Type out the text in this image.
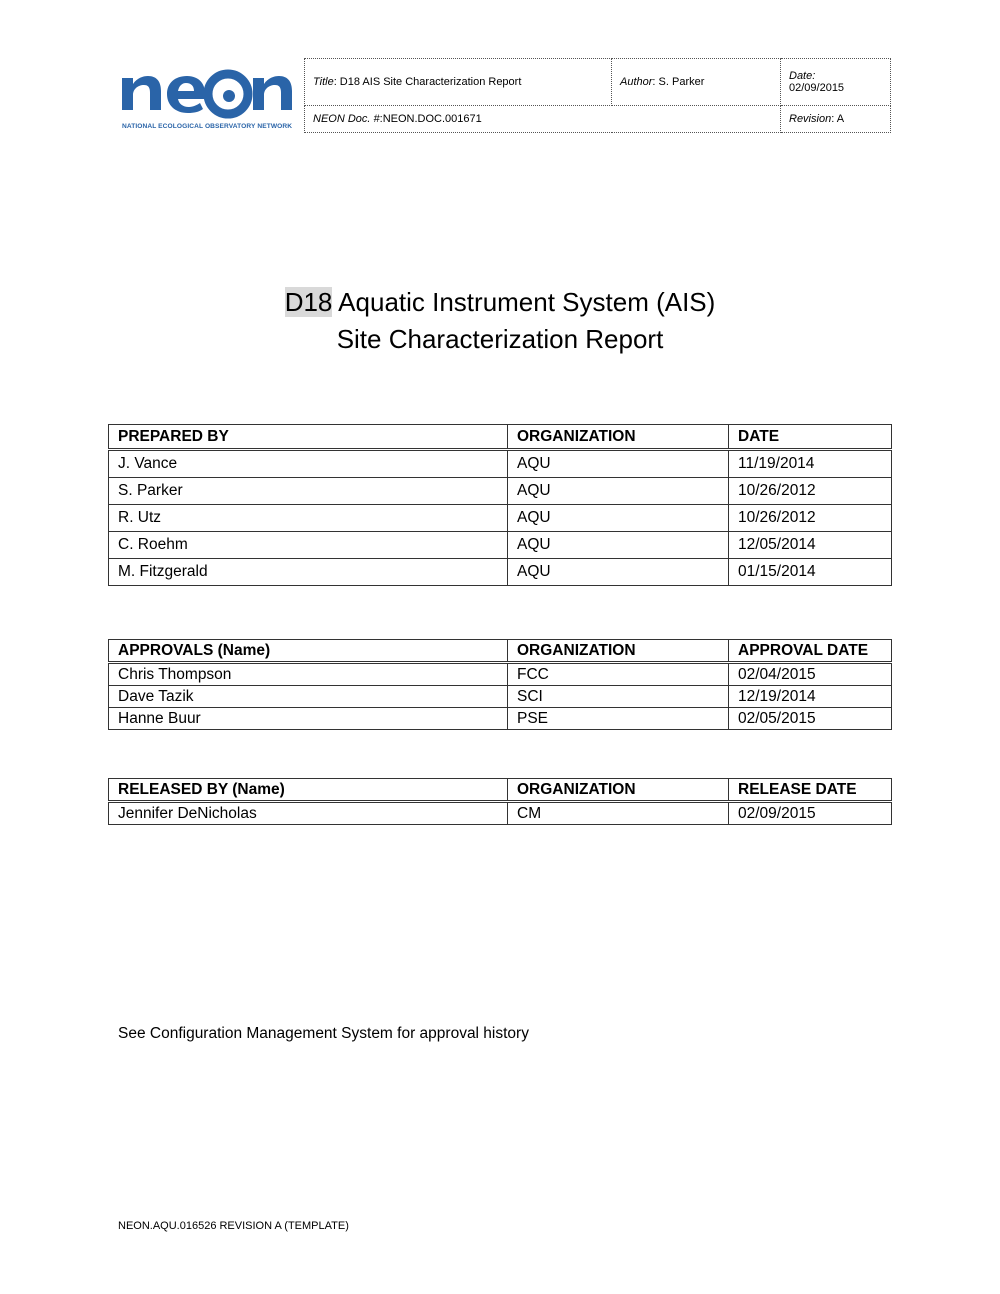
NATIONAL ECOLOGICAL OBSERVATORY NETWORK
Title: D18 AIS Site Characterization Report	Author: S. Parker	Date:
02/09/2015
NEON Doc. #:NEON.DOC.001671		Revision: A
D18 Aquatic Instrument System (AIS)
Site Characterization Report
PREPARED BY	ORGANIZATION	DATE
J. Vance	AQU	11/19/2014
S. Parker	AQU	10/26/2012
R. Utz	AQU	10/26/2012
C. Roehm	AQU	12/05/2014
M. Fitzgerald	AQU	01/15/2014
APPROVALS (Name)	ORGANIZATION	APPROVAL DATE
Chris Thompson	FCC	02/04/2015
Dave Tazik	SCI	12/19/2014
Hanne Buur	PSE	02/05/2015
RELEASED BY (Name)	ORGANIZATION	RELEASE DATE
Jennifer DeNicholas	CM	02/09/2015
See Configuration Management System for approval history
NEON.AQU.016526 REVISION A (TEMPLATE)
